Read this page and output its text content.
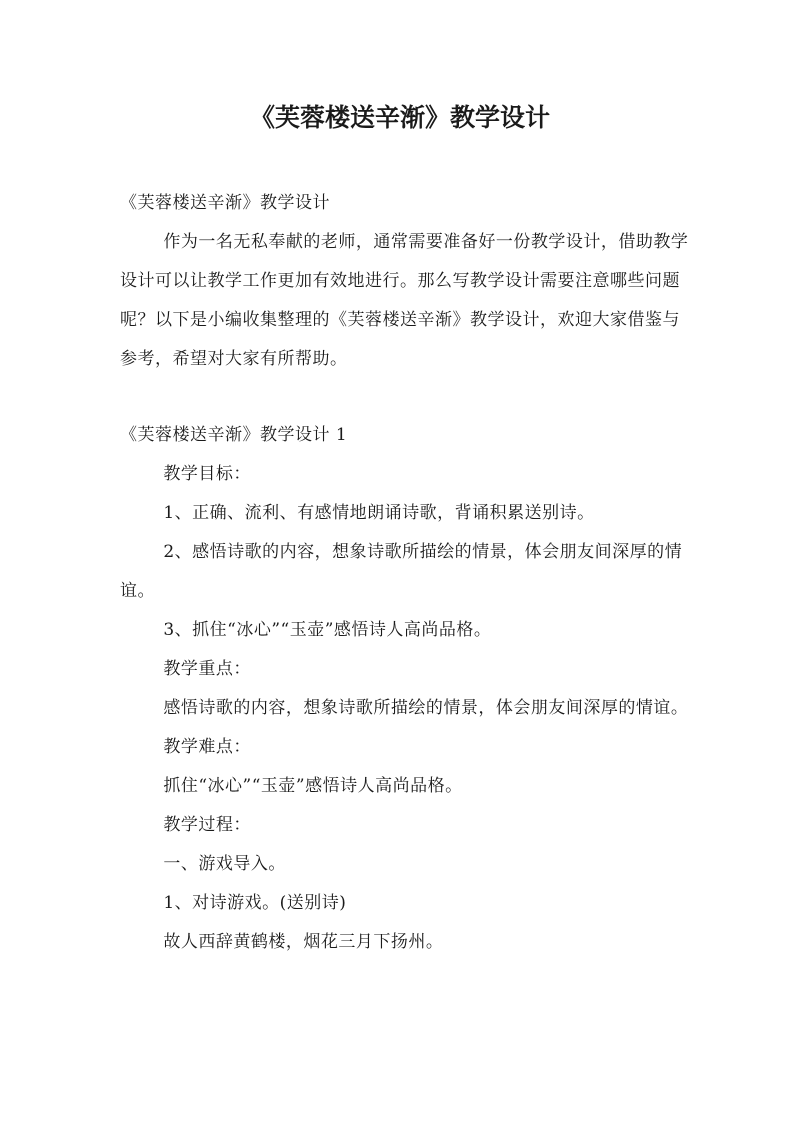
《芙蓉楼送辛渐》教学设计

《芙蓉楼送辛渐》教学设计

作为一名无私奉献的老师，通常需要准备好一份教学设计，借助教学设计可以让教学工作更加有效地进行。那么写教学设计需要注意哪些问题呢？以下是小编收集整理的《芙蓉楼送辛渐》教学设计，欢迎大家借鉴与参考，希望对大家有所帮助。

《芙蓉楼送辛渐》教学设计 1

教学目标：

1、正确、流利、有感情地朗诵诗歌，背诵积累送别诗。

2、感悟诗歌的内容，想象诗歌所描绘的情景，体会朋友间深厚的情谊。

3、抓住“冰心”“玉壶”感悟诗人高尚品格。

教学重点：

感悟诗歌的内容，想象诗歌所描绘的情景，体会朋友间深厚的情谊。

教学难点：

抓住“冰心”“玉壶”感悟诗人高尚品格。

教学过程：

一、游戏导入。

1、对诗游戏。(送别诗)

故人西辞黄鹤楼，烟花三月下扬州。
